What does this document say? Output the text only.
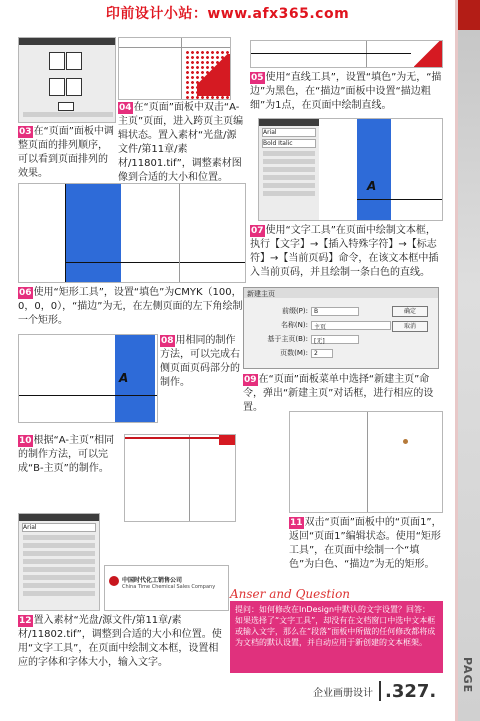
印前设计小站：www.afx365.com
PAGE
03 在“页面”面板中调整页面的排列顺序，可以看到页面排列的效果。
04 在“页面”面板中双击“A-主页”页面，进入跨页主页编辑状态。置入素材“光盘/源文件/第11章/素材/11801.tif”，调整素材图像到合适的大小和位置。
05 使用“直线工具”，设置“填色”为无，“描边”为黑色，在“描边”面板中设置“描边粗细”为1点，在页面中绘制直线。
Arial
Bold Italic
A
07 使用“文字工具”在页面中绘制文本框，执行【文字】→【插入特殊字符】→【标志符】→【当前页码】命令，在该文本框中插入当前页码，并且绘制一条白色的直线。
06 使用“矩形工具”，设置“填色”为CMYK（100，0，0，0），“描边”为无，在左侧页面的左下角绘制一个矩形。
A
08 用相同的制作方法，可以完成右侧页面页码部分的制作。
新建主页
前缀(P): B
名称(N): 主页
基于主页(B): [无]
页数(M): 2
确定
取消
09 在“页面”面板菜单中选择“新建主页”命令，弹出“新建主页”对话框，进行相应的设置。
10 根据“A-主页”相同的制作方法，可以完成“B-主页”的制作。
11 双击“页面”面板中的“页面1”，返回“页面1”编辑状态。使用“矩形工具”，在页面中绘制一个“填色”为白色、“描边”为无的矩形。
Arial
中国时代化工销售公司
China Time Chemical Sales Company
12 置入素材“光盘/源文件/第11章/素材/11802.tif”，调整到合适的大小和位置。使用“文字工具”，在页面中绘制文本框，设置相应的字体和字体大小，输入文字。
Anser and Question
提问：如何修改在InDesign中默认的文字设置？回答：如果选择了“文字工具”，却没有在文档窗口中选中文本框或输入文字，那么在“段落”面板中所做的任何修改都将成为文档的默认设置，并自动应用于新创建的文本框架。
企业画册设计 .327.
